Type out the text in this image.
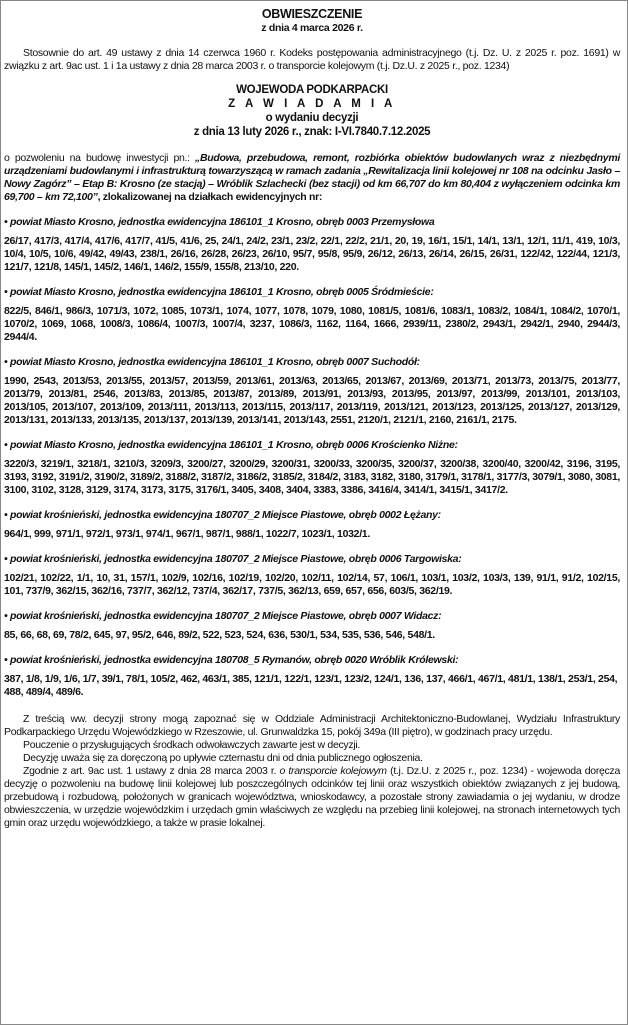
OBWIESZCZENIE

z dnia 4 marca 2026 r.

Stosownie do art. 49 ustawy z dnia 14 czerwca 1960 r. Kodeks postępowania administracyjnego (t.j. Dz. U. z 2025 r. poz. 1691) w związku z art. 9ac ust. 1 i 1a ustawy z dnia 28 marca 2003 r. o transporcie kolejowym (t.j. Dz.U. z 2025 r., poz. 1234)

WOJEWODA PODKARPACKI

Z A W I A D A M I A

o wydaniu decyzji

z dnia 13 luty 2026 r., znak: I-VI.7840.7.12.2025

o pozwoleniu na budowę inwestycji pn.: „Budowa, przebudowa, remont, rozbiórka obiektów budowlanych wraz z niezbędnymi urządzeniami budowlanymi i infrastrukturą towarzyszącą w ramach zadania „Rewitalizacja linii kolejowej nr 108 na odcinku Jasło – Nowy Zagórz” – Etap B: Krosno (ze stacją) – Wróblik Szlachecki (bez stacji) od km 66,707 do km 80,404 z wyłączeniem odcinka km 69,700 – km 72,100”, zlokalizowanej na działkach ewidencyjnych nr:

• powiat Miasto Krosno, jednostka ewidencyjna 186101_1 Krosno, obręb 0003 Przemysłowa

26/17, 417/3, 417/4, 417/6, 417/7, 41/5, 41/6, 25, 24/1, 24/2, 23/1, 23/2, 22/1, 22/2, 21/1, 20, 19, 16/1, 15/1, 14/1, 13/1, 12/1, 11/1, 419, 10/3, 10/4, 10/5, 10/6, 49/42, 49/43, 238/1, 26/16, 26/28, 26/23, 26/10, 95/7, 95/8, 95/9, 26/12, 26/13, 26/14, 26/15, 26/31, 122/42, 122/44, 121/3, 121/7, 121/8, 145/1, 145/2, 146/1, 146/2, 155/9, 155/8, 213/10, 220.

• powiat Miasto Krosno, jednostka ewidencyjna 186101_1 Krosno, obręb 0005 Śródmieście:

822/5, 846/1, 986/3, 1071/3, 1072, 1085, 1073/1, 1074, 1077, 1078, 1079, 1080, 1081/5, 1081/6, 1083/1, 1083/2, 1084/1, 1084/2, 1070/1, 1070/2, 1069, 1068, 1008/3, 1086/4, 1007/3, 1007/4, 3237, 1086/3, 1162, 1164, 1666, 2939/11, 2380/2, 2943/1, 2942/1, 2940, 2944/3, 2944/4.

• powiat Miasto Krosno, jednostka ewidencyjna 186101_1 Krosno, obręb 0007 Suchodół:

1990, 2543, 2013/53, 2013/55, 2013/57, 2013/59, 2013/61, 2013/63, 2013/65, 2013/67, 2013/69, 2013/71, 2013/73, 2013/75, 2013/77, 2013/79, 2013/81, 2546, 2013/83, 2013/85, 2013/87, 2013/89, 2013/91, 2013/93, 2013/95, 2013/97, 2013/99, 2013/101, 2013/103, 2013/105, 2013/107, 2013/109, 2013/111, 2013/113, 2013/115, 2013/117, 2013/119, 2013/121, 2013/123, 2013/125, 2013/127, 2013/129, 2013/131, 2013/133, 2013/135, 2013/137, 2013/139, 2013/141, 2013/143, 2551, 2120/1, 2121/1, 2160, 2161/1, 2175.

• powiat Miasto Krosno, jednostka ewidencyjna 186101_1 Krosno, obręb 0006 Krościenko Niżne:

3220/3, 3219/1, 3218/1, 3210/3, 3209/3, 3200/27, 3200/29, 3200/31, 3200/33, 3200/35, 3200/37, 3200/38, 3200/40, 3200/42, 3196, 3195, 3193, 3192, 3191/2, 3190/2, 3189/2, 3188/2, 3187/2, 3186/2, 3185/2, 3184/2, 3183, 3182, 3180, 3179/1, 3178/1, 3177/3, 3079/1, 3080, 3081, 3100, 3102, 3128, 3129, 3174, 3173, 3175, 3176/1, 3405, 3408, 3404, 3383, 3386, 3416/4, 3414/1, 3415/1, 3417/2.

• powiat krośnieński, jednostka ewidencyjna 180707_2 Miejsce Piastowe, obręb 0002 Łężany:

964/1, 999, 971/1, 972/1, 973/1, 974/1, 967/1, 987/1, 988/1, 1022/7, 1023/1, 1032/1.

• powiat krośnieński, jednostka ewidencyjna 180707_2 Miejsce Piastowe, obręb 0006 Targowiska:

102/21, 102/22, 1/1, 10, 31, 157/1, 102/9, 102/16, 102/19, 102/20, 102/11, 102/14, 57, 106/1, 103/1, 103/2, 103/3, 139, 91/1, 91/2, 102/15, 101, 737/9, 362/15, 362/16, 737/7, 362/12, 737/4, 362/17, 737/5, 362/13, 659, 657, 656, 603/5, 362/19.

• powiat krośnieński, jednostka ewidencyjna 180707_2 Miejsce Piastowe, obręb 0007 Widacz:

85, 66, 68, 69, 78/2, 645, 97, 95/2, 646, 89/2, 522, 523, 524, 636, 530/1, 534, 535, 536, 546, 548/1.

• powiat krośnieński, jednostka ewidencyjna 180708_5 Rymanów, obręb 0020 Wróblik Królewski:

387, 1/8, 1/9, 1/6, 1/7, 39/1, 78/1, 105/2, 462, 463/1, 385, 121/1, 122/1, 123/1, 123/2, 124/1, 136, 137, 466/1, 467/1, 481/1, 138/1, 253/1, 254, 488, 489/4, 489/6.

Z treścią ww. decyzji strony mogą zapoznać się w Oddziale Administracji Architektoniczno-Budowlanej, Wydziału Infrastruktury Podkarpackiego Urzędu Wojewódzkiego w Rzeszowie, ul. Grunwaldzka 15, pokój 349a (III piętro), w godzinach pracy urzędu.

Pouczenie o przysługujących środkach odwoławczych zawarte jest w decyzji.

Decyzję uważa się za doręczoną po upływie czternastu dni od dnia publicznego ogłoszenia.

Zgodnie z art. 9ac ust. 1 ustawy z dnia 28 marca 2003 r. o transporcie kolejowym (t.j. Dz.U. z 2025 r., poz. 1234) - wojewoda doręcza decyzję o pozwoleniu na budowę linii kolejowej lub poszczególnych odcinków tej linii oraz wszystkich obiektów związanych z jej budową, przebudową i rozbudową, położonych w granicach województwa, wnioskodawcy, a pozostałe strony zawiadamia o jej wydaniu, w drodze obwieszczenia, w urzędzie wojewódzkim i urzędach gmin właściwych ze względu na przebieg linii kolejowej, na stronach internetowych tych gmin oraz urzędu wojewódzkiego, a także w prasie lokalnej.
